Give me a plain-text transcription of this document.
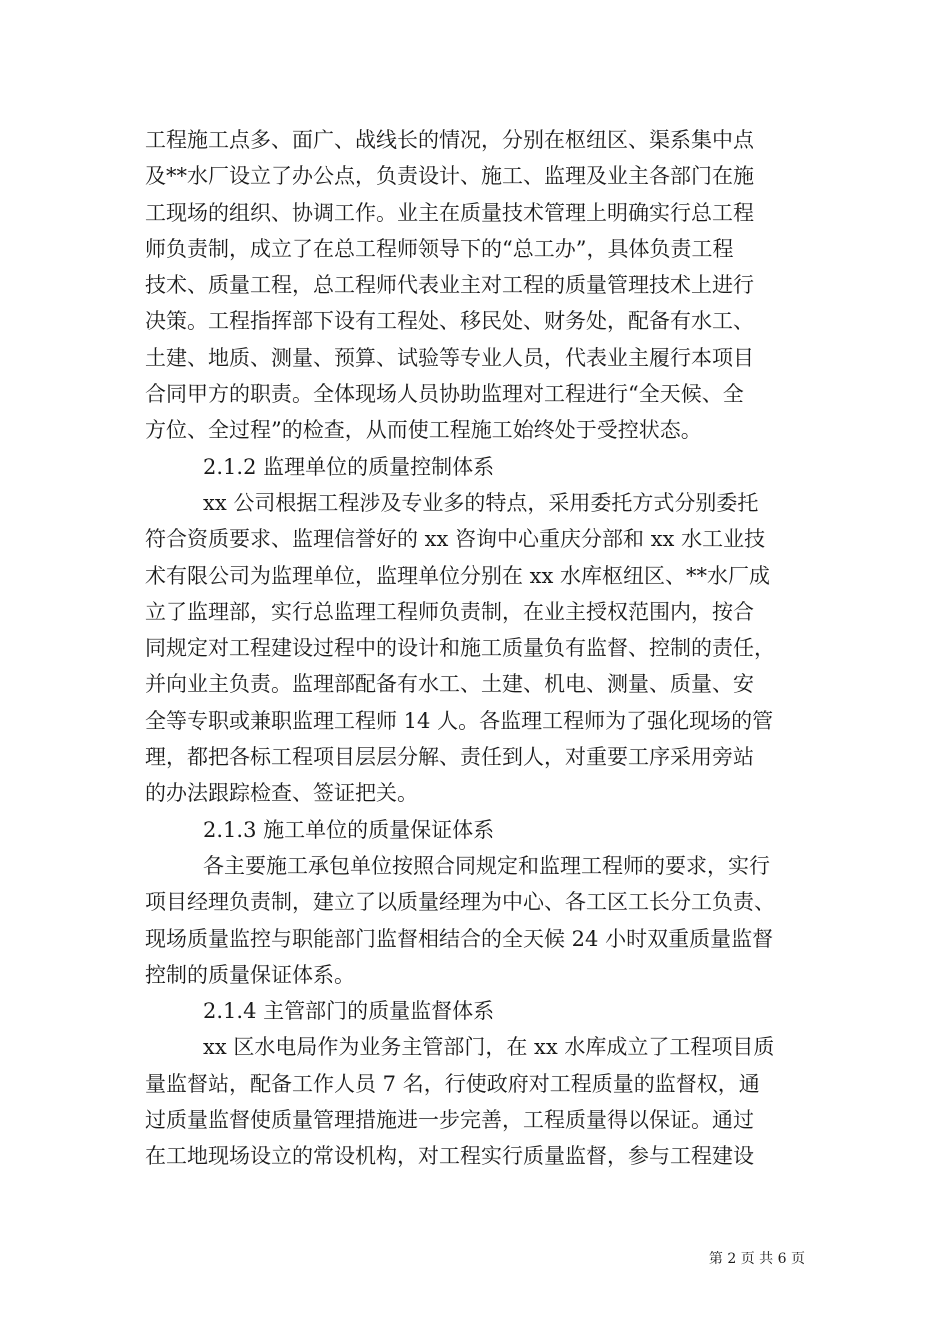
工程施工点多、面广、战线长的情况，分别在枢纽区、渠系集中点
及**水厂设立了办公点，负责设计、施工、监理及业主各部门在施
工现场的组织、协调工作。业主在质量技术管理上明确实行总工程
师负责制，成立了在总工程师领导下的“总工办”，具体负责工程
技术、质量工程，总工程师代表业主对工程的质量管理技术上进行
决策。工程指挥部下设有工程处、移民处、财务处，配备有水工、
土建、地质、测量、预算、试验等专业人员，代表业主履行本项目
合同甲方的职责。全体现场人员协助监理对工程进行“全天候、全
方位、全过程”的检查，从而使工程施工始终处于受控状态。
2.1.2 监理单位的质量控制体系
xx 公司根据工程涉及专业多的特点，采用委托方式分别委托
符合资质要求、监理信誉好的 xx 咨询中心重庆分部和 xx 水工业技
术有限公司为监理单位，监理单位分别在 xx 水库枢纽区、**水厂成
立了监理部，实行总监理工程师负责制，在业主授权范围内，按合
同规定对工程建设过程中的设计和施工质量负有监督、控制的责任，
并向业主负责。监理部配备有水工、土建、机电、测量、质量、安
全等专职或兼职监理工程师 14 人。各监理工程师为了强化现场的管
理，都把各标工程项目层层分解、责任到人，对重要工序采用旁站
的办法跟踪检查、签证把关。
2.1.3 施工单位的质量保证体系
各主要施工承包单位按照合同规定和监理工程师的要求，实行
项目经理负责制，建立了以质量经理为中心、各工区工长分工负责、
现场质量监控与职能部门监督相结合的全天候 24 小时双重质量监督
控制的质量保证体系。
2.1.4 主管部门的质量监督体系
xx 区水电局作为业务主管部门，在 xx 水库成立了工程项目质
量监督站，配备工作人员 7 名，行使政府对工程质量的监督权，通
过质量监督使质量管理措施进一步完善，工程质量得以保证。通过
在工地现场设立的常设机构，对工程实行质量监督，参与工程建设
第 2 页 共 6 页
